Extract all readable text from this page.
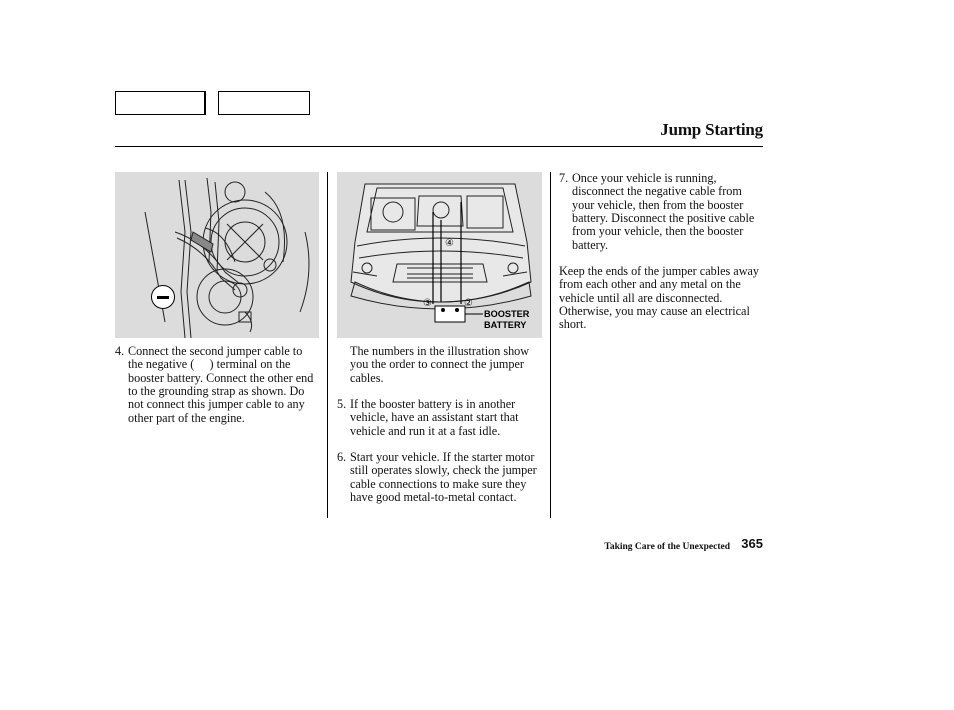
Jump Starting
③	②
④
BOOSTER
BATTERY
4. Connect the second jumper cable to the negative (  ) terminal on the booster battery. Connect the other end to the grounding strap as shown. Do not connect this jumper cable to any other part of the engine.

The numbers in the illustration show you the order to connect the jumper cables.

5. If the booster battery is in another vehicle, have an assistant start that vehicle and run it at a fast idle.

6. Start your vehicle. If the starter motor still operates slowly, check the jumper cable connections to make sure they have good metal-to-metal contact.

7. Once your vehicle is running, disconnect the negative cable from your vehicle, then from the booster battery. Disconnect the positive cable from your vehicle, then the booster battery.

Keep the ends of the jumper cables away from each other and any metal on the vehicle until all are disconnected. Otherwise, you may cause an electrical short.

Taking Care of the Unexpected 365
